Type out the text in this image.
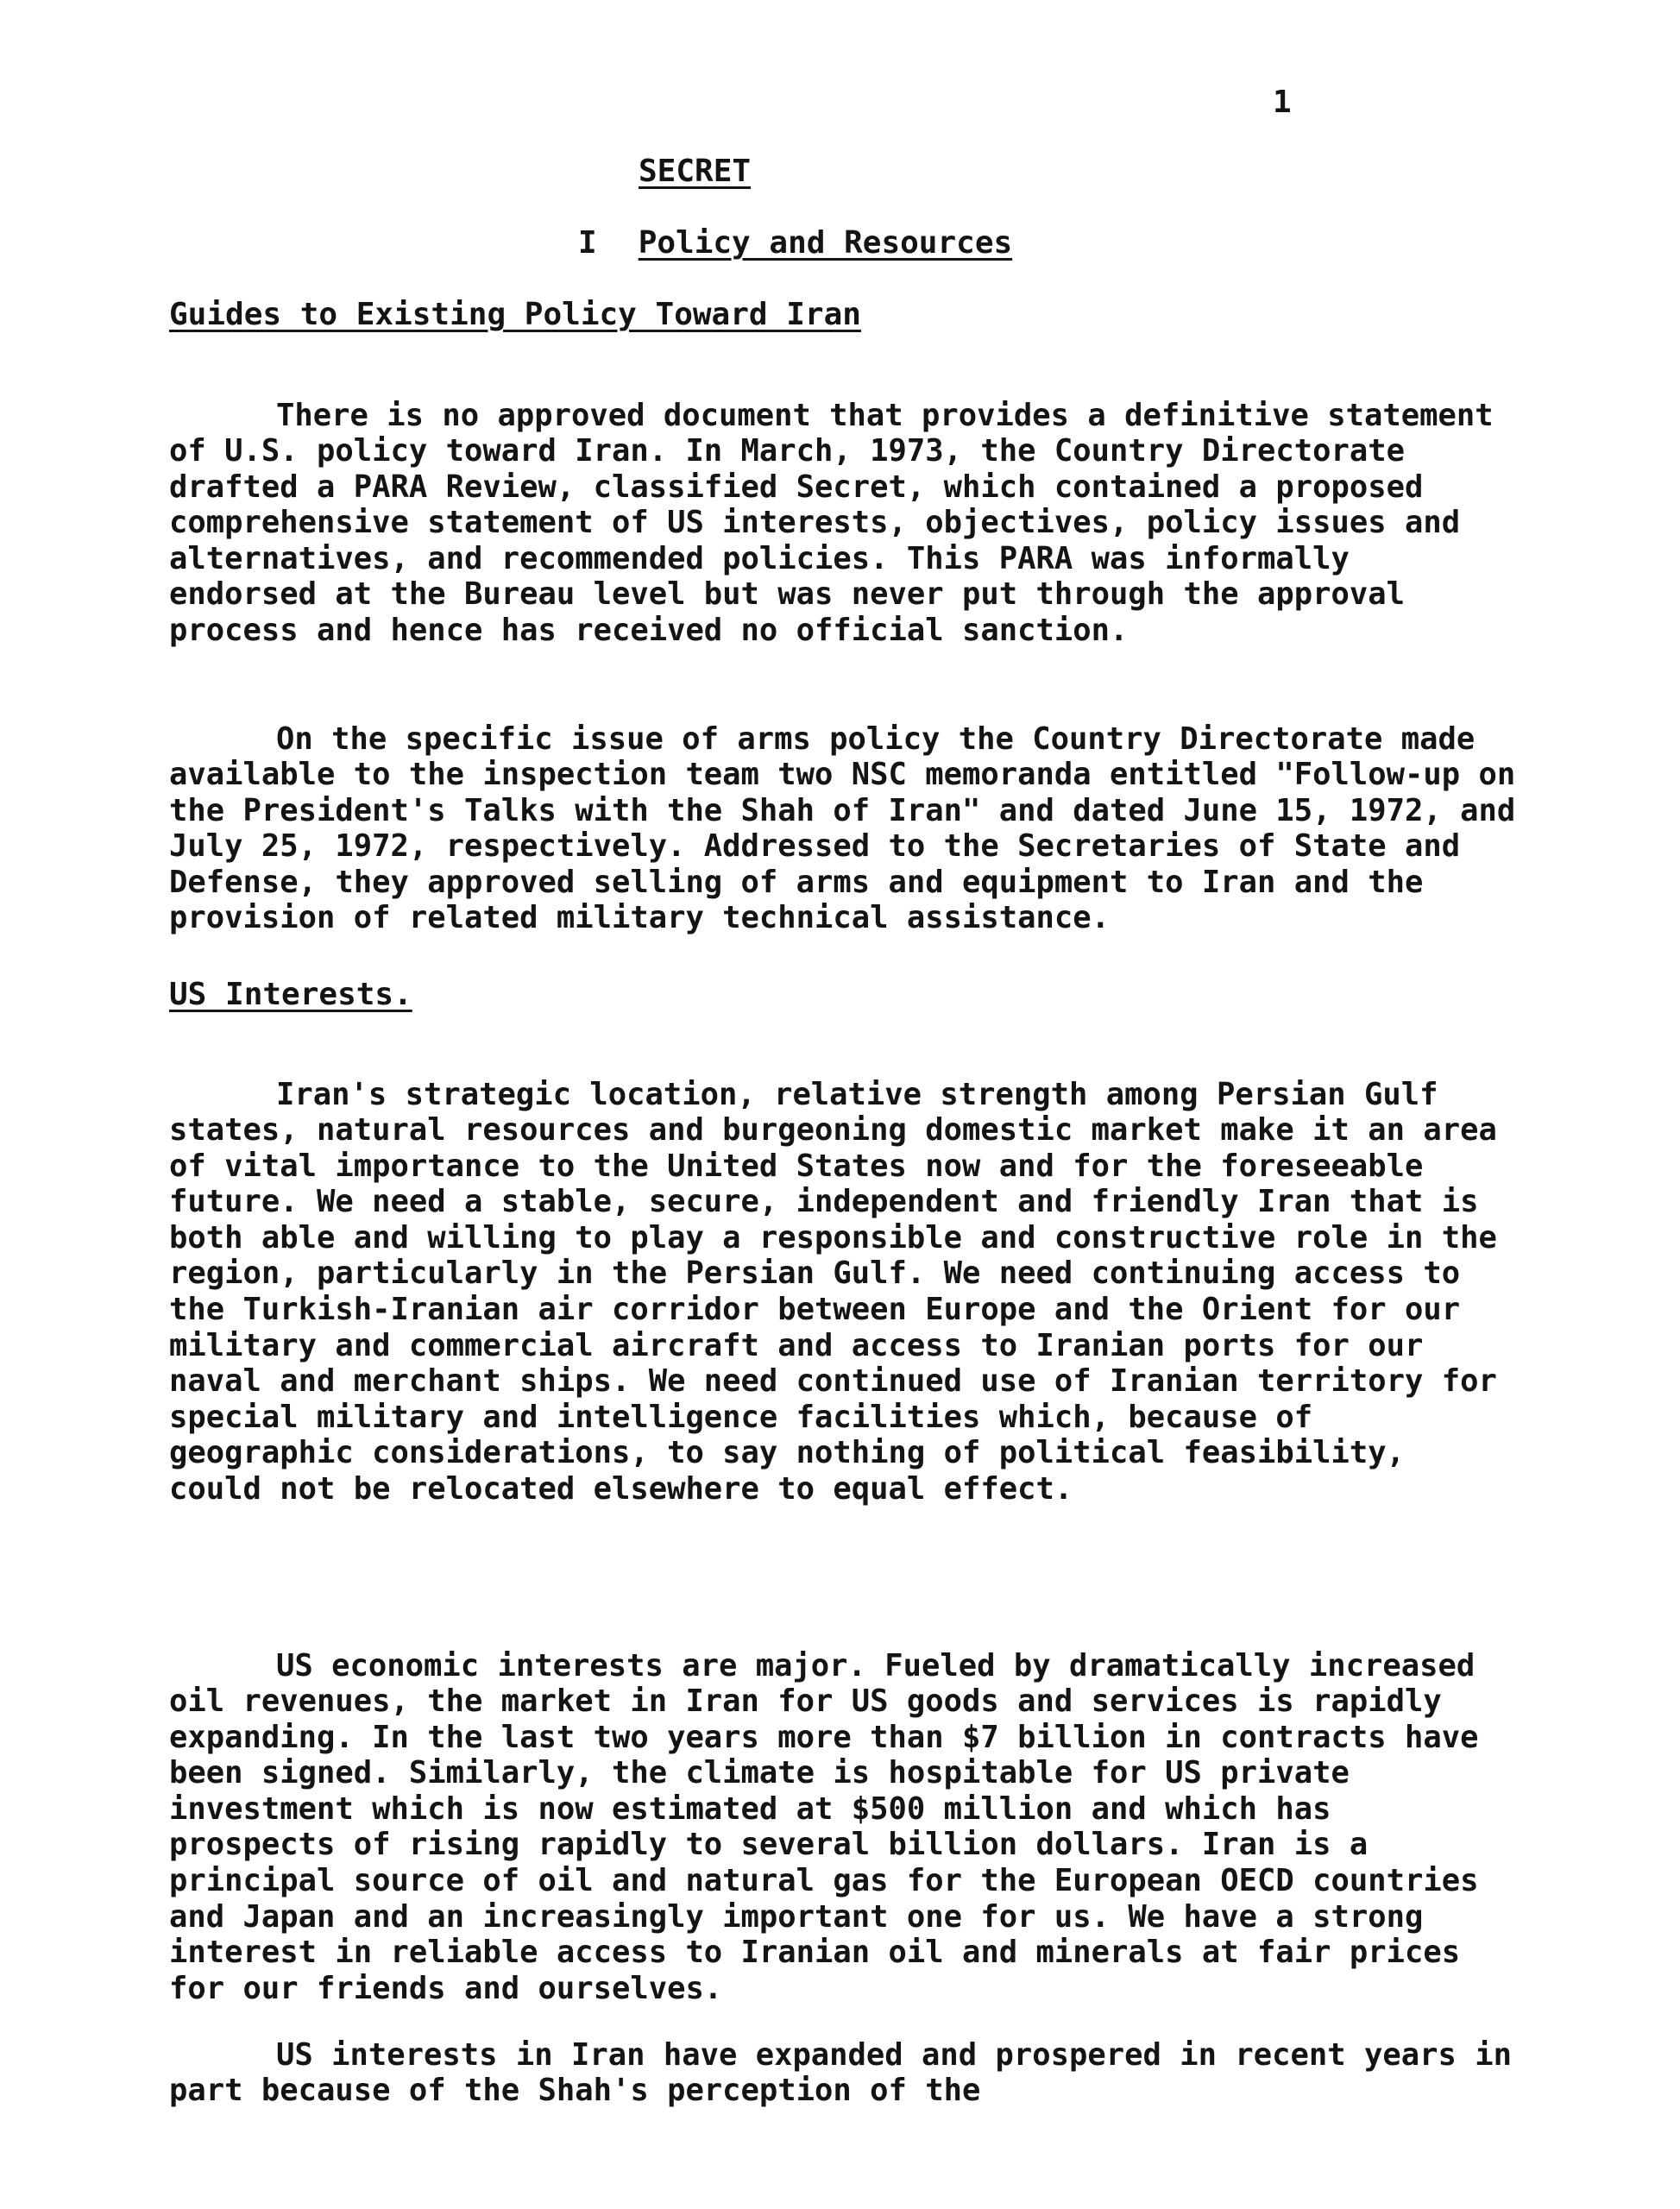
1
SECRET
I Policy and Resources
Guides to Existing Policy Toward Iran

There is no approved document that provides a definitive statement of U.S. policy toward Iran. In March, 1973, the Country Directorate drafted a PARA Review, classified Secret, which contained a proposed comprehensive statement of US interests, objectives, policy issues and alternatives, and recommended policies. This PARA was informally endorsed at the Bureau level but was never put through the approval process and hence has received no official sanction.

On the specific issue of arms policy the Country Directorate made available to the inspection team two NSC memoranda entitled "Follow-up on the President's Talks with the Shah of Iran" and dated June 15, 1972, and July 25, 1972, respectively. Addressed to the Secretaries of State and Defense, they approved selling of arms and equipment to Iran and the provision of related military technical assistance.

US Interests.

Iran's strategic location, relative strength among Persian Gulf states, natural resources and burgeoning domestic market make it an area of vital importance to the United States now and for the foreseeable future. We need a stable, secure, independent and friendly Iran that is both able and willing to play a responsible and constructive role in the region, particularly in the Persian Gulf. We need continuing access to the Turkish-Iranian air corridor between Europe and the Orient for our military and commercial aircraft and access to Iranian ports for our naval and merchant ships. We need continued use of Iranian territory for special military and intelligence facilities which, because of geographic considerations, to say nothing of political feasibility, could not be relocated elsewhere to equal effect.

US economic interests are major. Fueled by dramatically increased oil revenues, the market in Iran for US goods and services is rapidly expanding. In the last two years more than $7 billion in contracts have been signed. Similarly, the climate is hospitable for US private investment which is now estimated at $500 million and which has prospects of rising rapidly to several billion dollars. Iran is a principal source of oil and natural gas for the European OECD countries and Japan and an increasingly important one for us. We have a strong interest in reliable access to Iranian oil and minerals at fair prices for our friends and ourselves.

US interests in Iran have expanded and prospered in recent years in part because of the Shah's perception of the
